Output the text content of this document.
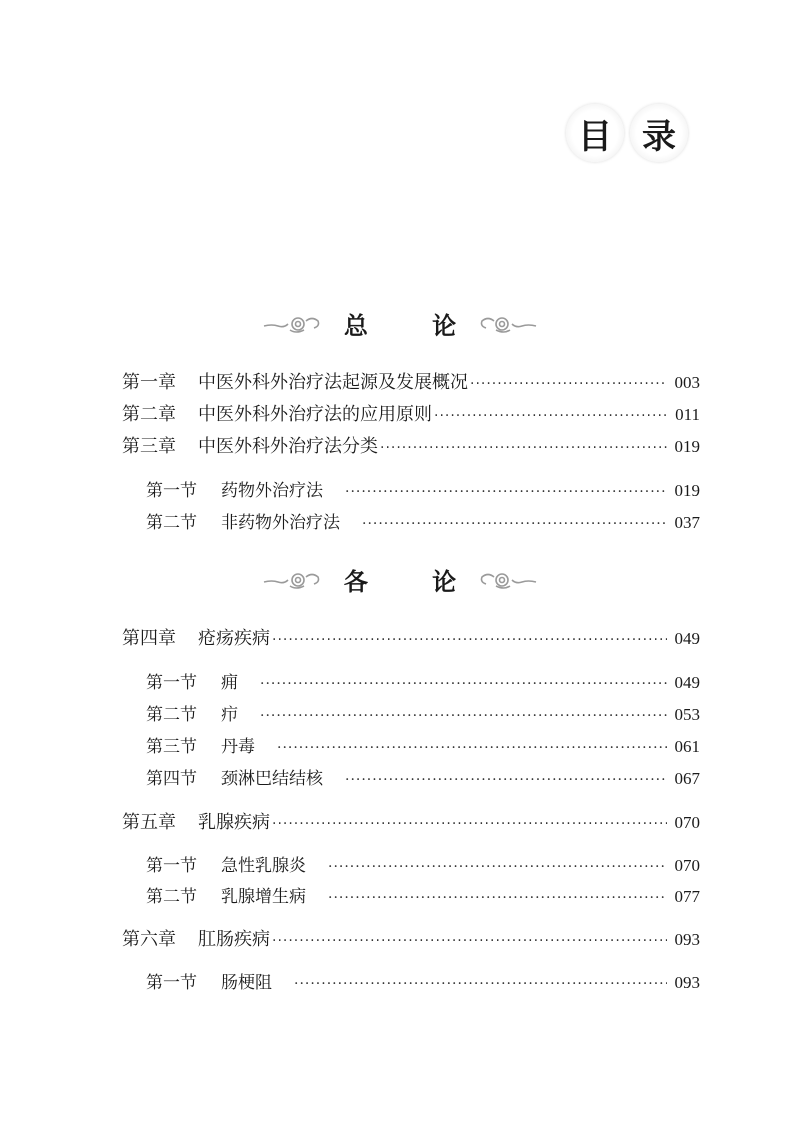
目 录
总 论
第一章 中医外科外治疗法起源及发展概况 ·····	003
第二章 中医外科外治疗法的应用原则 ·····	011
第三章 中医外科外治疗法分类 ·····	019
第一节 药物外治疗法 ·····	019
第二节 非药物外治疗法 ·····	037
各 论
第四章 疮疡疾病 ·····	049
第一节 痈 ·····	049
第二节 疖 ·····	053
第三节 丹毒 ·····	061
第四节 颈淋巴结结核 ·····	067
第五章 乳腺疾病 ·····	070
第一节 急性乳腺炎 ·····	070
第二节 乳腺增生病 ·····	077
第六章 肛肠疾病 ·····	093
第一节 肠梗阻 ·····	093
